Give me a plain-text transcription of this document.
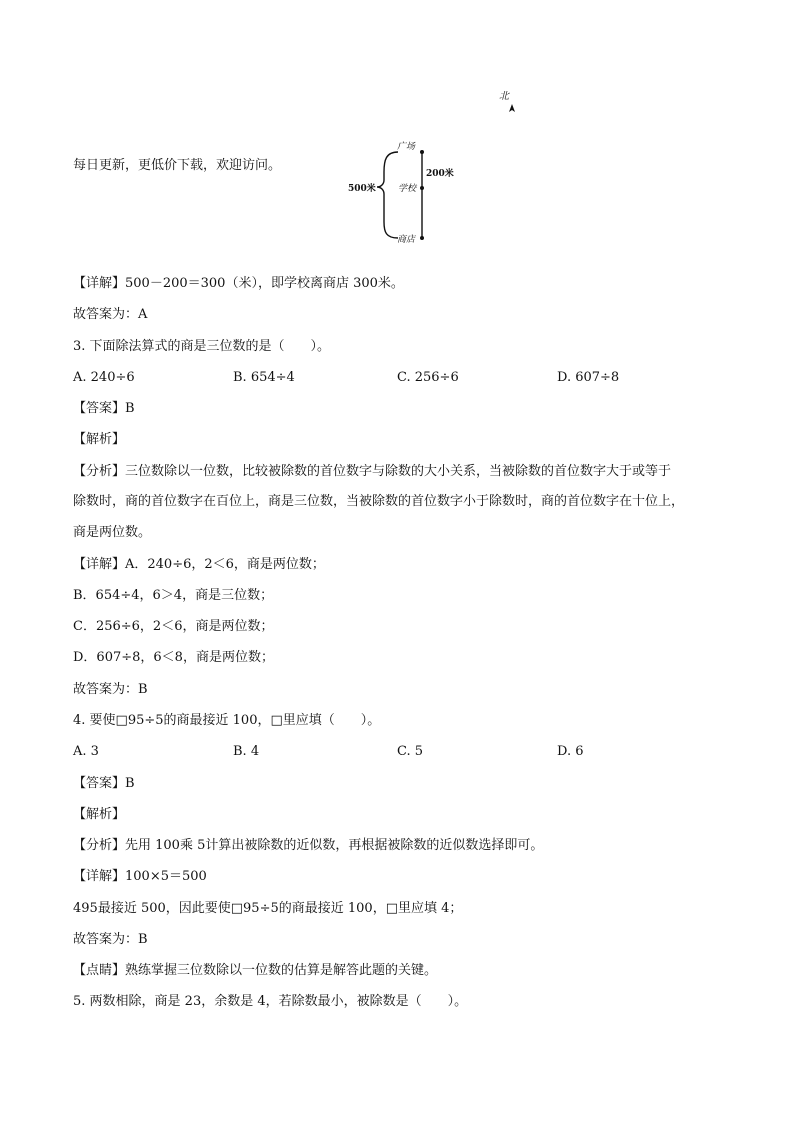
北
广场
学校
商店
500米
200米
每日更新，更低价下载，欢迎访问。
【详解】500－200＝300（米），即学校离商店 300米。
故答案为：A
3. 下面除法算式的商是三位数的是（　　）。
A. 240÷6	B. 654÷4	C. 256÷6	D. 607÷8
【答案】B
【解析】
【分析】三位数除以一位数，比较被除数的首位数字与除数的大小关系，当被除数的首位数字大于或等于
除数时，商的首位数字在百位上，商是三位数，当被除数的首位数字小于除数时，商的首位数字在十位上，
商是两位数。
【详解】A．240÷6，2＜6，商是两位数；
B．654÷4，6＞4，商是三位数；
C．256÷6，2＜6，商是两位数；
D．607÷8，6＜8，商是两位数；
故答案为：B
4. 要使□95÷5的商最接近 100，□里应填（　　）。
A. 3	B. 4	C. 5	D. 6
【答案】B
【解析】
【分析】先用 100乘 5计算出被除数的近似数，再根据被除数的近似数选择即可。
【详解】100×5＝500
495最接近 500，因此要使□95÷5的商最接近 100，□里应填 4；
故答案为：B
【点睛】熟练掌握三位数除以一位数的估算是解答此题的关键。
5. 两数相除，商是 23，余数是 4，若除数最小，被除数是（　　）。
